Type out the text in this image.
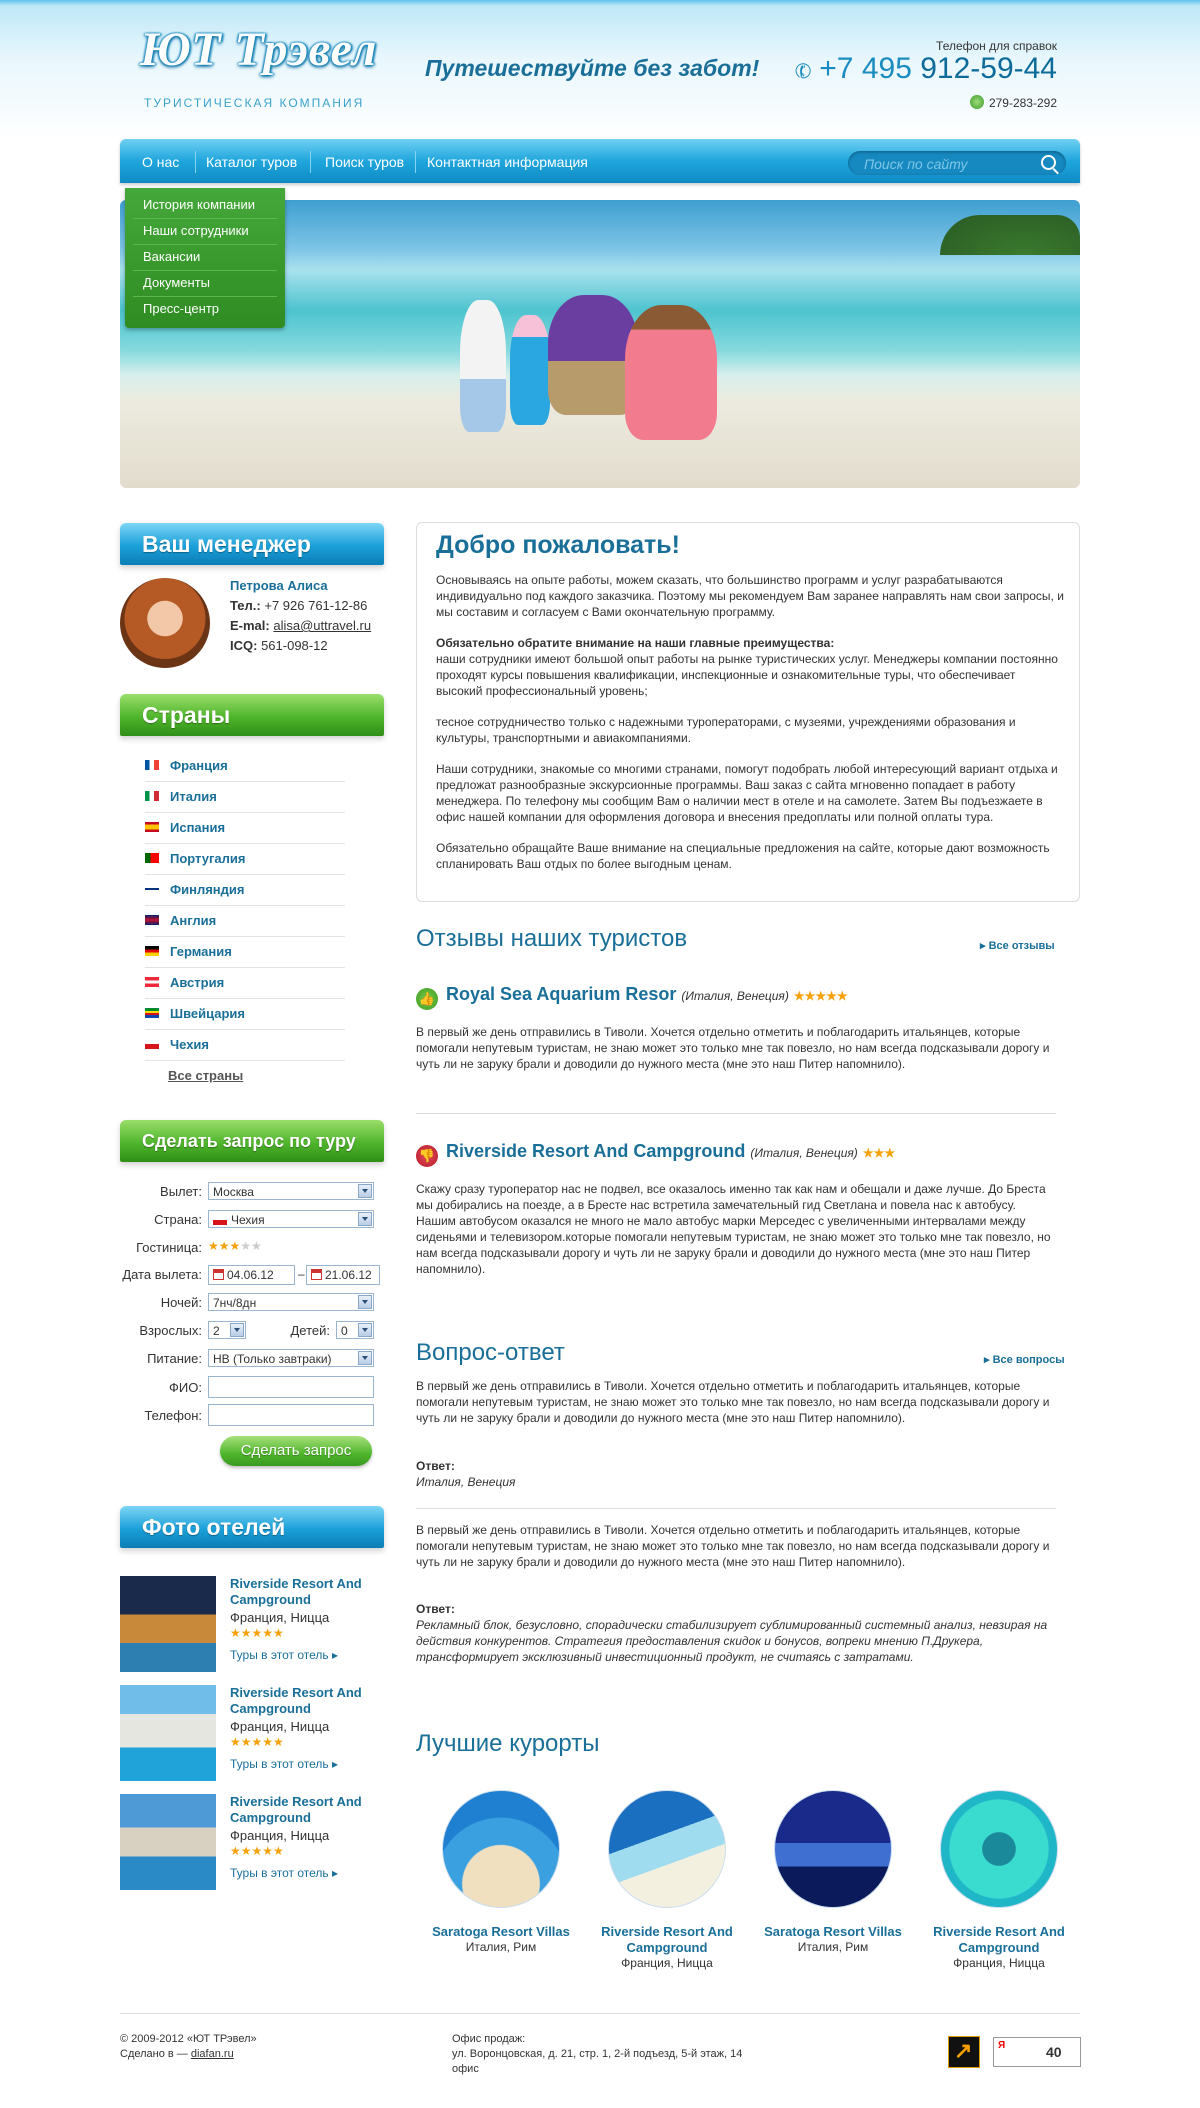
ЮТ Трэвел
ТУРИСТИЧЕСКАЯ КОМПАНИЯ
Путешествуйте без забот!
Телефон для справок
✆ +7 495 912-59-44
279-283-292
О нас Каталог туров Поиск туров Контактная информация
Поиск по сайту
История компании
Наши сотрудники
Вакансии
Документы
Пресс-центр
Ваш менеджер
Петрова Алиса
Тел.: +7 926 761-12-86
E-mal: alisa@uttravel.ru
ICQ: 561-098-12
Страны
Франция
Италия
Испания
Португалия
Финляндия
Англия
Германия
Австрия
Швейцария
Чехия
Все страны
Сделать запрос по туру
Вылет: Москва
Страна:	Чехия
Гостиница: ★★★★★
Дата вылета:	04.06.12	–	21.06.12
Ночей: 7нч/8дн
Взрослых: 2	Детей: 0
Питание: HB (Только завтраки)
ФИО:
Телефон:
Сделать запрос
Фото отелей
Riverside Resort And Campground
Франция, Ницца
★★★★★
Туры в этот отель ▸
Riverside Resort And Campground
Франция, Ницца
★★★★★
Туры в этот отель ▸
Riverside Resort And Campground
Франция, Ницца
★★★★★
Туры в этот отель ▸
Добро пожаловать!

Основываясь на опыте работы, можем сказать, что большинство программ и услуг разрабатываются индивидуально под каждого заказчика. Поэтому мы рекомендуем Вам заранее направлять нам свои запросы, и мы составим и согласуем с Вами окончательную программу.

Обязательно обратите внимание на наши главные преимущества:
наши сотрудники имеют большой опыт работы на рынке туристических услуг. Менеджеры компании постоянно проходят курсы повышения квалификации, инспекционные и ознакомительные туры, что обеспечивает высокий профессиональный уровень;

тесное сотрудничество только с надежными туроператорами, с музеями, учреждениями образования и культуры, транспортными и авиакомпаниями.

Наши сотрудники, знакомые со многими странами, помогут подобрать любой интересующий вариант отдыха и предложат разнообразные экскурсионные программы. Ваш заказ с сайта мгновенно попадает в работу менеджера. По телефону мы сообщим Вам о наличии мест в отеле и на самолете. Затем Вы подъезжаете в офис нашей компании для оформления договора и внесения предоплаты или полной оплаты тура.

Обязательно обращайте Ваше внимание на специальные предложения на сайте, которые дают возможность спланировать Ваш отдых по более выгодным ценам.

Отзывы наших туристов	▸ Все отзывы
👍 Royal Sea Aquarium Resor (Италия, Венеция) ★★★★★
В первый же день отправились в Тиволи. Хочется отдельно отметить и поблагодарить итальянцев, которые помогали непутевым туристам, не знаю может это только мне так повезло, но нам всегда подсказывали дорогу и чуть ли не заруку брали и доводили до нужного места (мне это наш Питер напомнило).
👎 Riverside Resort And Campground (Италия, Венеция) ★★★
Скажу сразу туроператор нас не подвел, все оказалось именно так как нам и обещали и даже лучше. До Бреста мы добирались на поезде, а в Бресте нас встретила замечательный гид Светлана и повела нас к автобусу. Нашим автобусом оказался не много не мало автобус марки Мерседес с увеличенными интервалами между сиденьями и телевизором.которые помогали непутевым туристам, не знаю может это только мне так повезло, но нам всегда подсказывали дорогу и чуть ли не заруку брали и доводили до нужного места (мне это наш Питер напомнило).
Вопрос-ответ	▸ Все вопросы
В первый же день отправились в Тиволи. Хочется отдельно отметить и поблагодарить итальянцев, которые помогали непутевым туристам, не знаю может это только мне так повезло, но нам всегда подсказывали дорогу и чуть ли не заруку брали и доводили до нужного места (мне это наш Питер напомнило).
Ответ:
Италия, Венеция
В первый же день отправились в Тиволи. Хочется отдельно отметить и поблагодарить итальянцев, которые помогали непутевым туристам, не знаю может это только мне так повезло, но нам всегда подсказывали дорогу и чуть ли не заруку брали и доводили до нужного места (мне это наш Питер напомнило).
Ответ:
Рекламный блок, безусловно, спорадически стабилизирует сублимированный системный анализ, невзирая на действия конкурентов. Стратегия предоставления скидок и бонусов, вопреки мнению П.Друкера, трансформирует эксклюзивный инвестиционный продукт, не считаясь с затратами.
Лучшие курорты
Saratoga Resort Villas
Италия, Рим
Riverside Resort And Campground
Франция, Ницца
Saratoga Resort Villas
Италия, Рим
Riverside Resort And Campground
Франция, Ницца
© 2009-2012 «ЮТ ТРэвел»
Сделано в — diafan.ru
Офис продаж:
ул. Воронцовская, д. 21, стр. 1, 2-й подъезд, 5-й этаж, 14 офис
↗
Я	40
